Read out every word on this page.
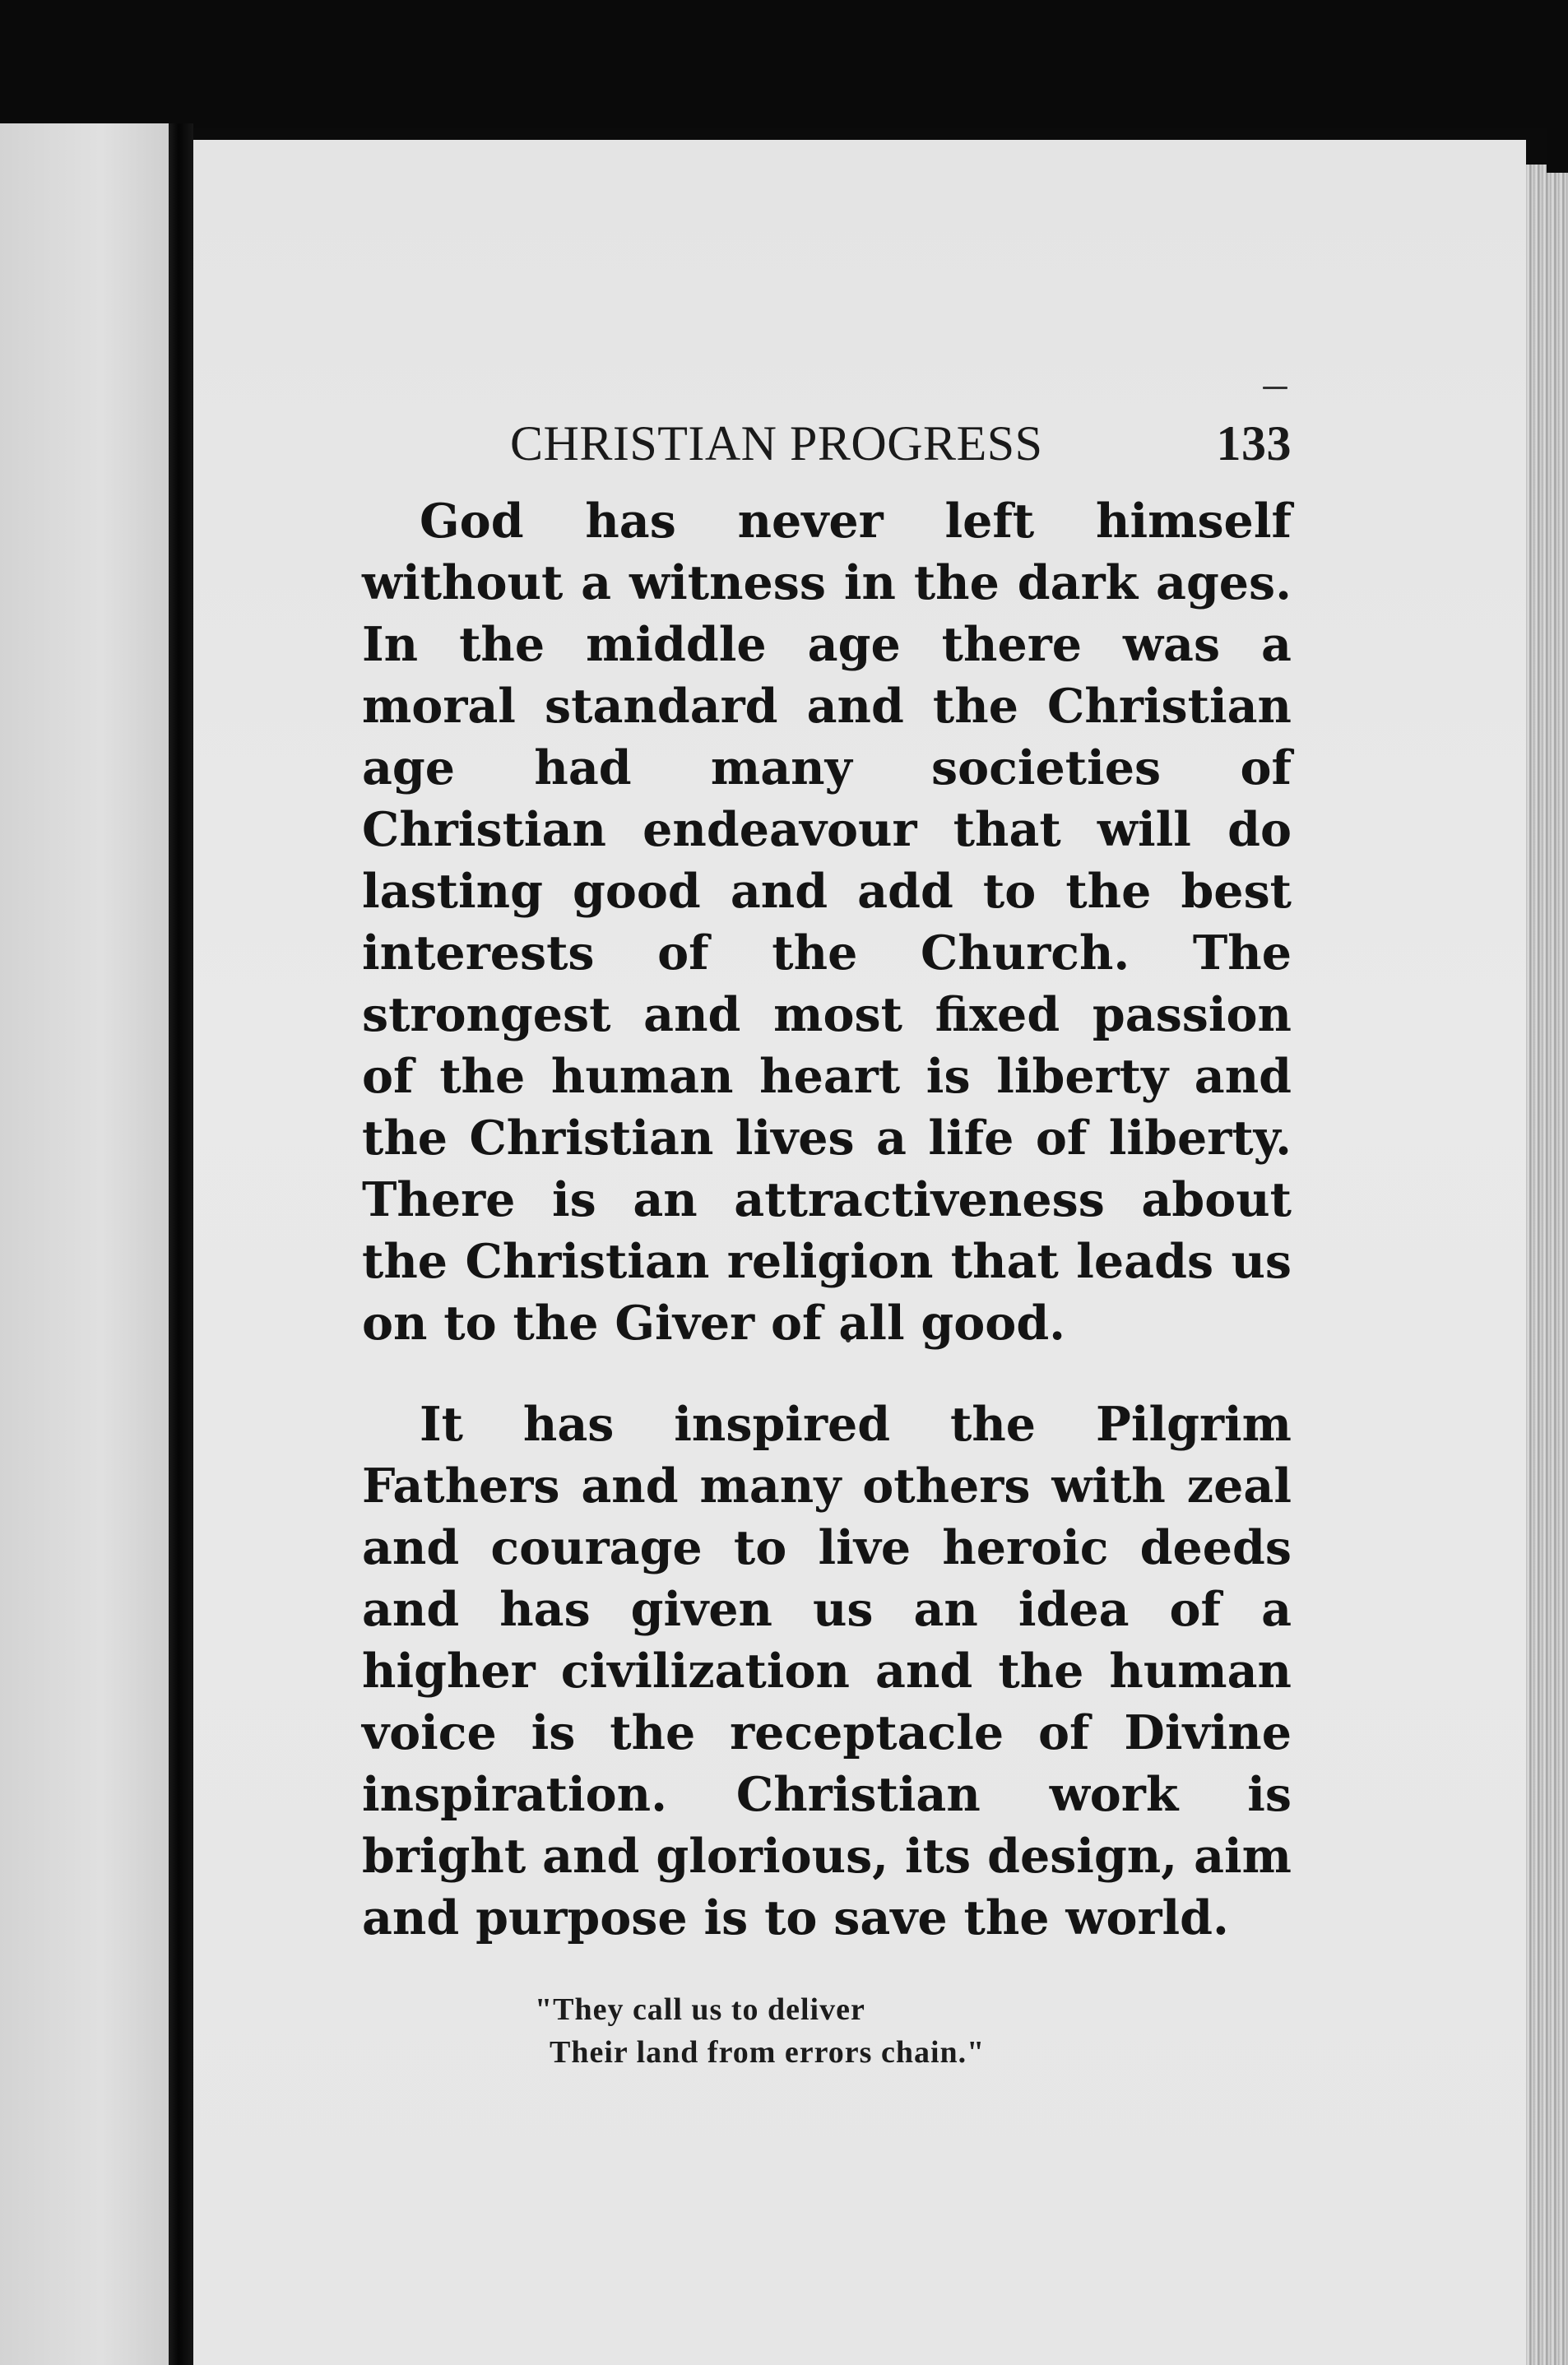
CHRISTIAN PROGRESS	133

God has never left himself without a witness in the dark ages. In the middle age there was a moral standard and the Christian age had many societies of Christian endeavour that will do lasting good and add to the best interests of the Church. The strongest and most fixed passion of the human heart is liberty and the Christian lives a life of liberty. There is an attractiveness about the Christian religion that leads us on to the Giver of all good.

It has inspired the Pilgrim Fathers and many others with zeal and courage to live heroic deeds and has given us an idea of a higher civilization and the human voice is the receptacle of Divine inspiration. Christian work is bright and glorious, its design, aim and purpose is to save the world.

"They call us to deliver
Their land from errors chain."
